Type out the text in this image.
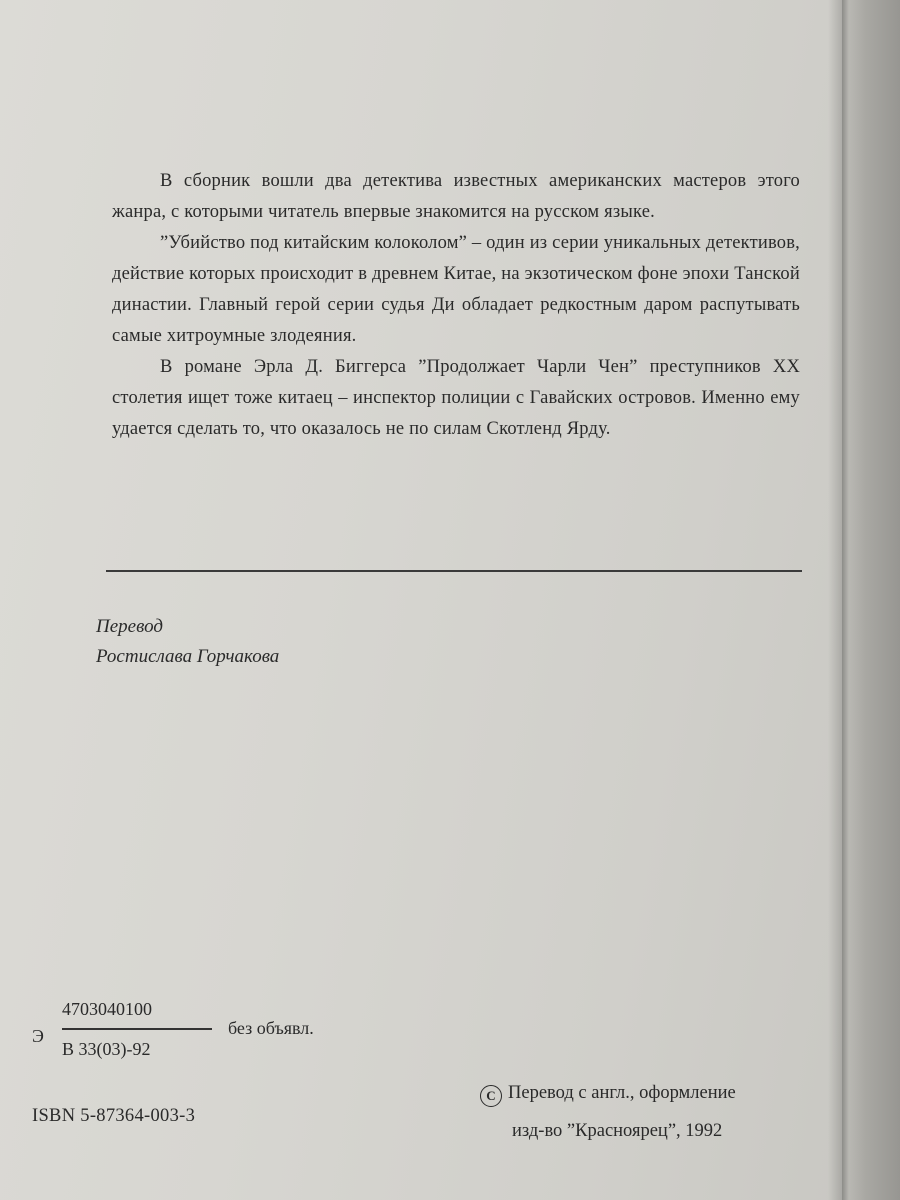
В сборник вошли два детектива известных американских мастеров этого жанра, с которыми читатель впервые знакомится на русском языке.

”Убийство под китайским колоколом” – один из серии уникальных детективов, действие которых происходит в древнем Китае, на экзотическом фоне эпохи Танской династии. Главный герой серии судья Ди обладает редкостным даром распутывать самые хитроумные злодеяния.

В романе Эрла Д. Биггерса ”Продолжает Чарли Чен” преступников XX столетия ищет тоже китаец – инспектор полиции с Гавайских островов. Именно ему удается сделать то, что оказалось не по силам Скотленд Ярду.

Перевод
Ростислава Горчакова
Э
4703040100
В 33(03)-92
без объявл.
ISBN 5-87364-003-3
C Перевод с англ., оформление
изд-во ”Красноярец”, 1992
